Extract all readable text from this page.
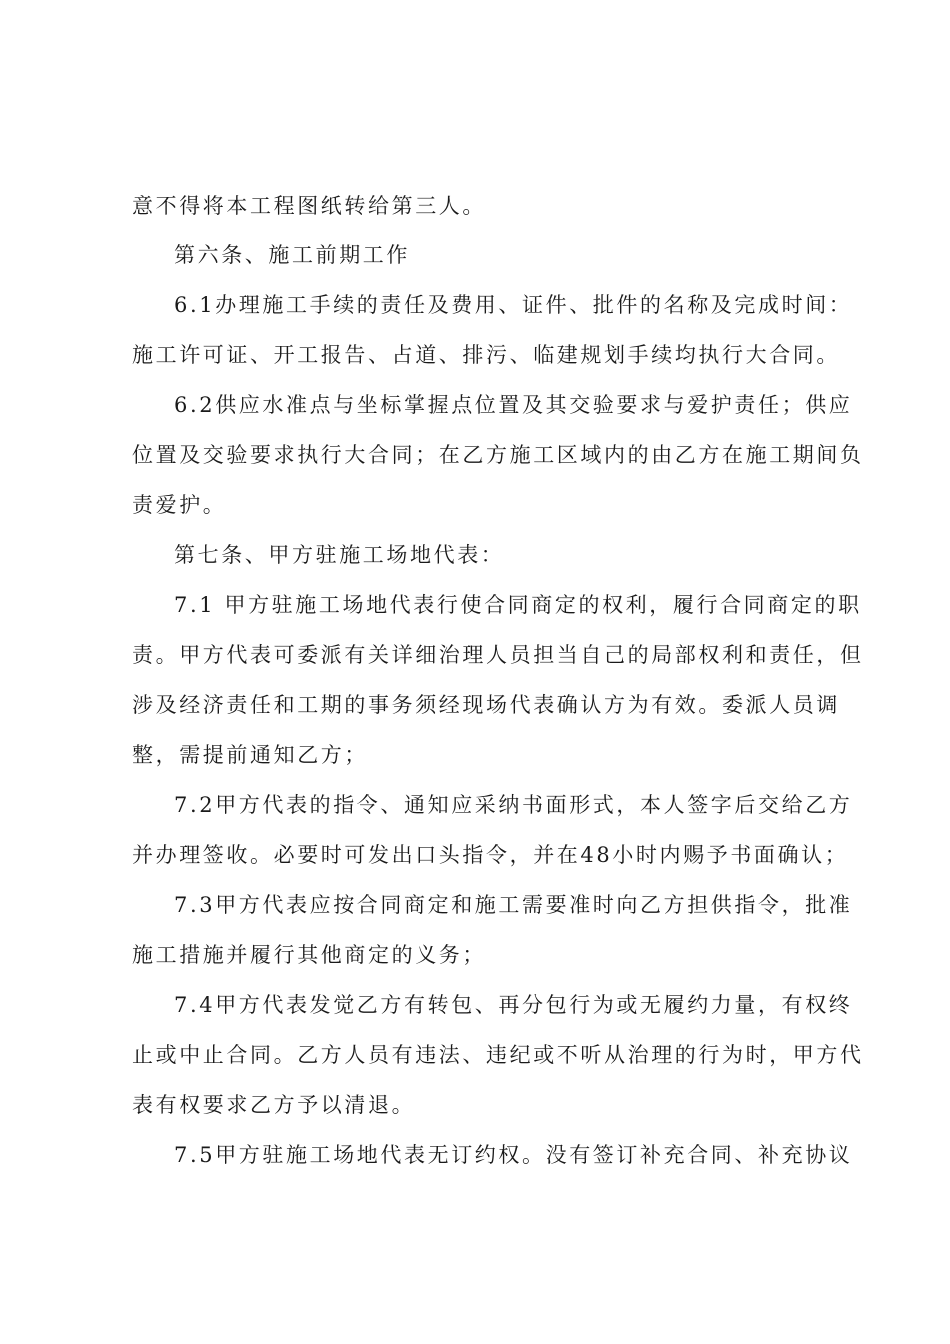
意不得将本工程图纸转给第三人。
第六条、施工前期工作
6.1办理施工手续的责任及费用、证件、批件的名称及完成时间：
施工许可证、开工报告、占道、排污、临建规划手续均执行大合同。
6.2供应水准点与坐标掌握点位置及其交验要求与爱护责任；供应
位置及交验要求执行大合同；在乙方施工区域内的由乙方在施工期间负
责爱护。
第七条、甲方驻施工场地代表：
7.1 甲方驻施工场地代表行使合同商定的权利，履行合同商定的职
责。甲方代表可委派有关详细治理人员担当自己的局部权利和责任，但
涉及经济责任和工期的事务须经现场代表确认方为有效。委派人员调
整，需提前通知乙方；
7.2甲方代表的指令、通知应采纳书面形式，本人签字后交给乙方
并办理签收。必要时可发出口头指令，并在48小时内赐予书面确认；
7.3甲方代表应按合同商定和施工需要准时向乙方担供指令，批准
施工措施并履行其他商定的义务；
7.4甲方代表发觉乙方有转包、再分包行为或无履约力量，有权终
止或中止合同。乙方人员有违法、违纪或不听从治理的行为时，甲方代
表有权要求乙方予以清退。
7.5甲方驻施工场地代表无订约权。没有签订补充合同、补充协议
